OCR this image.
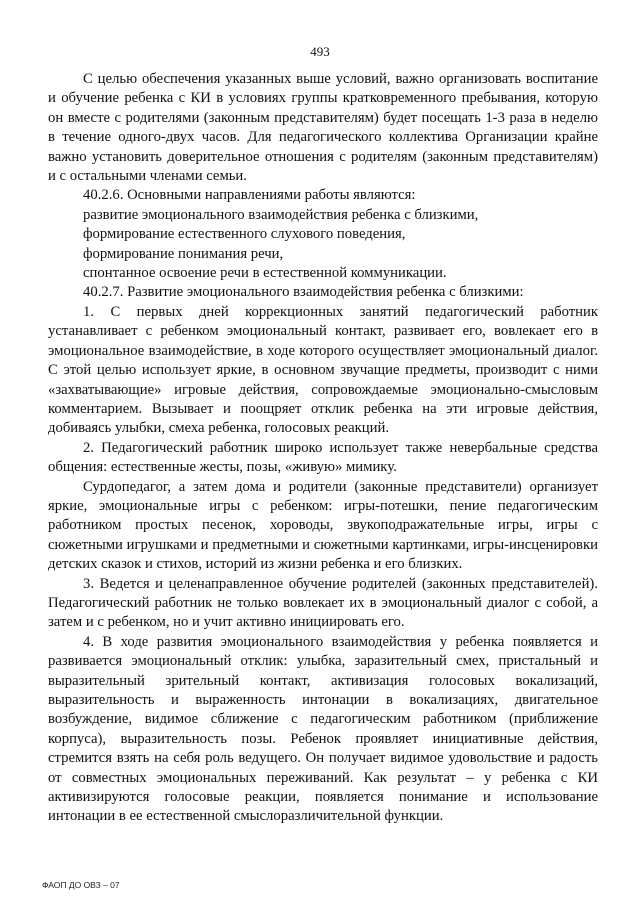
493

С целью обеспечения указанных выше условий, важно организовать воспитание и обучение ребенка с КИ в условиях группы кратковременного пребывания, которую он вместе с родителями (законным представителям) будет посещать 1-3 раза в неделю в течение одного-двух часов. Для педагогического коллектива Организации крайне важно установить доверительное отношения с родителям (законным представителям) и с остальными членами семьи.

40.2.6. Основными направлениями работы являются:

развитие эмоционального взаимодействия ребенка с близкими,

формирование естественного слухового поведения,

формирование понимания речи,

спонтанное освоение речи в естественной коммуникации.

40.2.7. Развитие эмоционального взаимодействия ребенка с близкими:

1. С первых дней коррекционных занятий педагогический работник устанавливает с ребенком эмоциональный контакт, развивает его, вовлекает его в эмоциональное взаимодействие, в ходе которого осуществляет эмоциональный диалог. С этой целью использует яркие, в основном звучащие предметы, производит с ними «захватывающие» игровые действия, сопровождаемые эмоционально-смысловым комментарием. Вызывает и поощряет отклик ребенка на эти игровые действия, добиваясь улыбки, смеха ребенка, голосовых реакций.

2. Педагогический работник широко использует также невербальные средства общения: естественные жесты, позы, «живую» мимику.

Сурдопедагог, а затем дома и родители (законные представители) организует яркие, эмоциональные игры с ребенком: игры-потешки, пение педагогическим работником простых песенок, хороводы, звукоподражательные игры, игры с сюжетными игрушками и предметными и сюжетными картинками, игры-инсценировки детских сказок и стихов, историй из жизни ребенка и его близких.

3. Ведется и целенаправленное обучение родителей (законных представителей). Педагогический работник не только вовлекает их в эмоциональный диалог с собой, а затем и с ребенком, но и учит активно инициировать его.

4. В ходе развития эмоционального взаимодействия у ребенка появляется и развивается эмоциональный отклик: улыбка, заразительный смех, пристальный и выразительный зрительный контакт, активизация голосовых вокализаций, выразительность и выраженность интонации в вокализациях, двигательное возбуждение, видимое сближение с педагогическим работником (приближение корпуса), выразительность позы. Ребенок проявляет инициативные действия, стремится взять на себя роль ведущего. Он получает видимое удовольствие и радость от совместных эмоциональных переживаний. Как результат – у ребенка с КИ активизируются голосовые реакции, появляется понимание и использование интонации в ее естественной смыслоразличительной функции.

ФАОП ДО ОВЗ – 07
